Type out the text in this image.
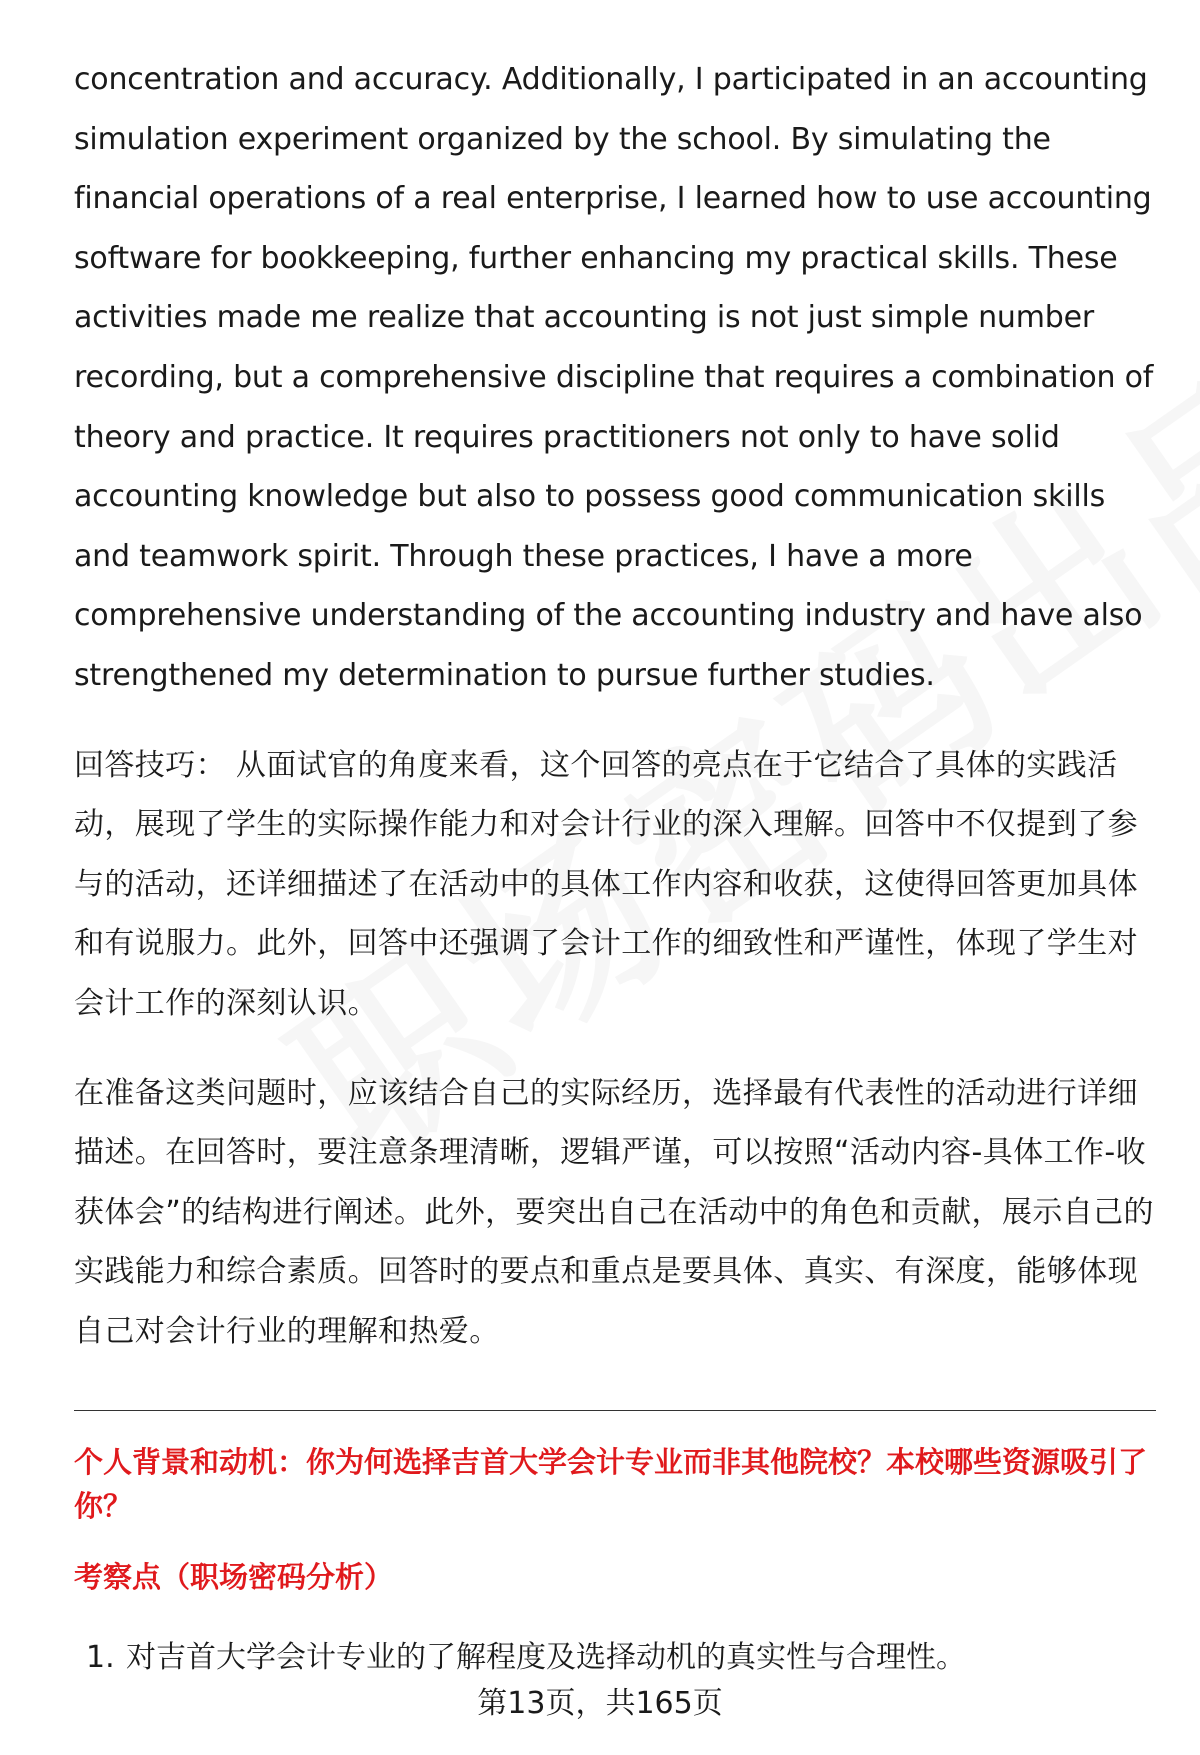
concentration and accuracy. Additionally, I participated in an accounting simulation experiment organized by the school. By simulating the financial operations of a real enterprise, I learned how to use accounting software for bookkeeping, further enhancing my practical skills. These activities made me realize that accounting is not just simple number recording, but a comprehensive discipline that requires a combination of theory and practice. It requires practitioners not only to have solid accounting knowledge but also to possess good communication skills and teamwork spirit. Through these practices, I have a more comprehensive understanding of the accounting industry and have also strengthened my determination to pursue further studies.

回答技巧： 从面试官的角度来看，这个回答的亮点在于它结合了具体的实践活动，展现了学生的实际操作能力和对会计行业的深入理解。回答中不仅提到了参与的活动，还详细描述了在活动中的具体工作内容和收获，这使得回答更加具体和有说服力。此外，回答中还强调了会计工作的细致性和严谨性，体现了学生对会计工作的深刻认识。

在准备这类问题时，应该结合自己的实际经历，选择最有代表性的活动进行详细描述。在回答时，要注意条理清晰，逻辑严谨，可以按照“活动内容-具体工作-收获体会”的结构进行阐述。此外，要突出自己在活动中的角色和贡献，展示自己的实践能力和综合素质。回答时的要点和重点是要具体、真实、有深度，能够体现自己对会计行业的理解和热爱。

个人背景和动机：你为何选择吉首大学会计专业而非其他院校？本校哪些资源吸引了你？
考察点（职场密码分析）
1. 对吉首大学会计专业的了解程度及选择动机的真实性与合理性。
第13页，共165页
